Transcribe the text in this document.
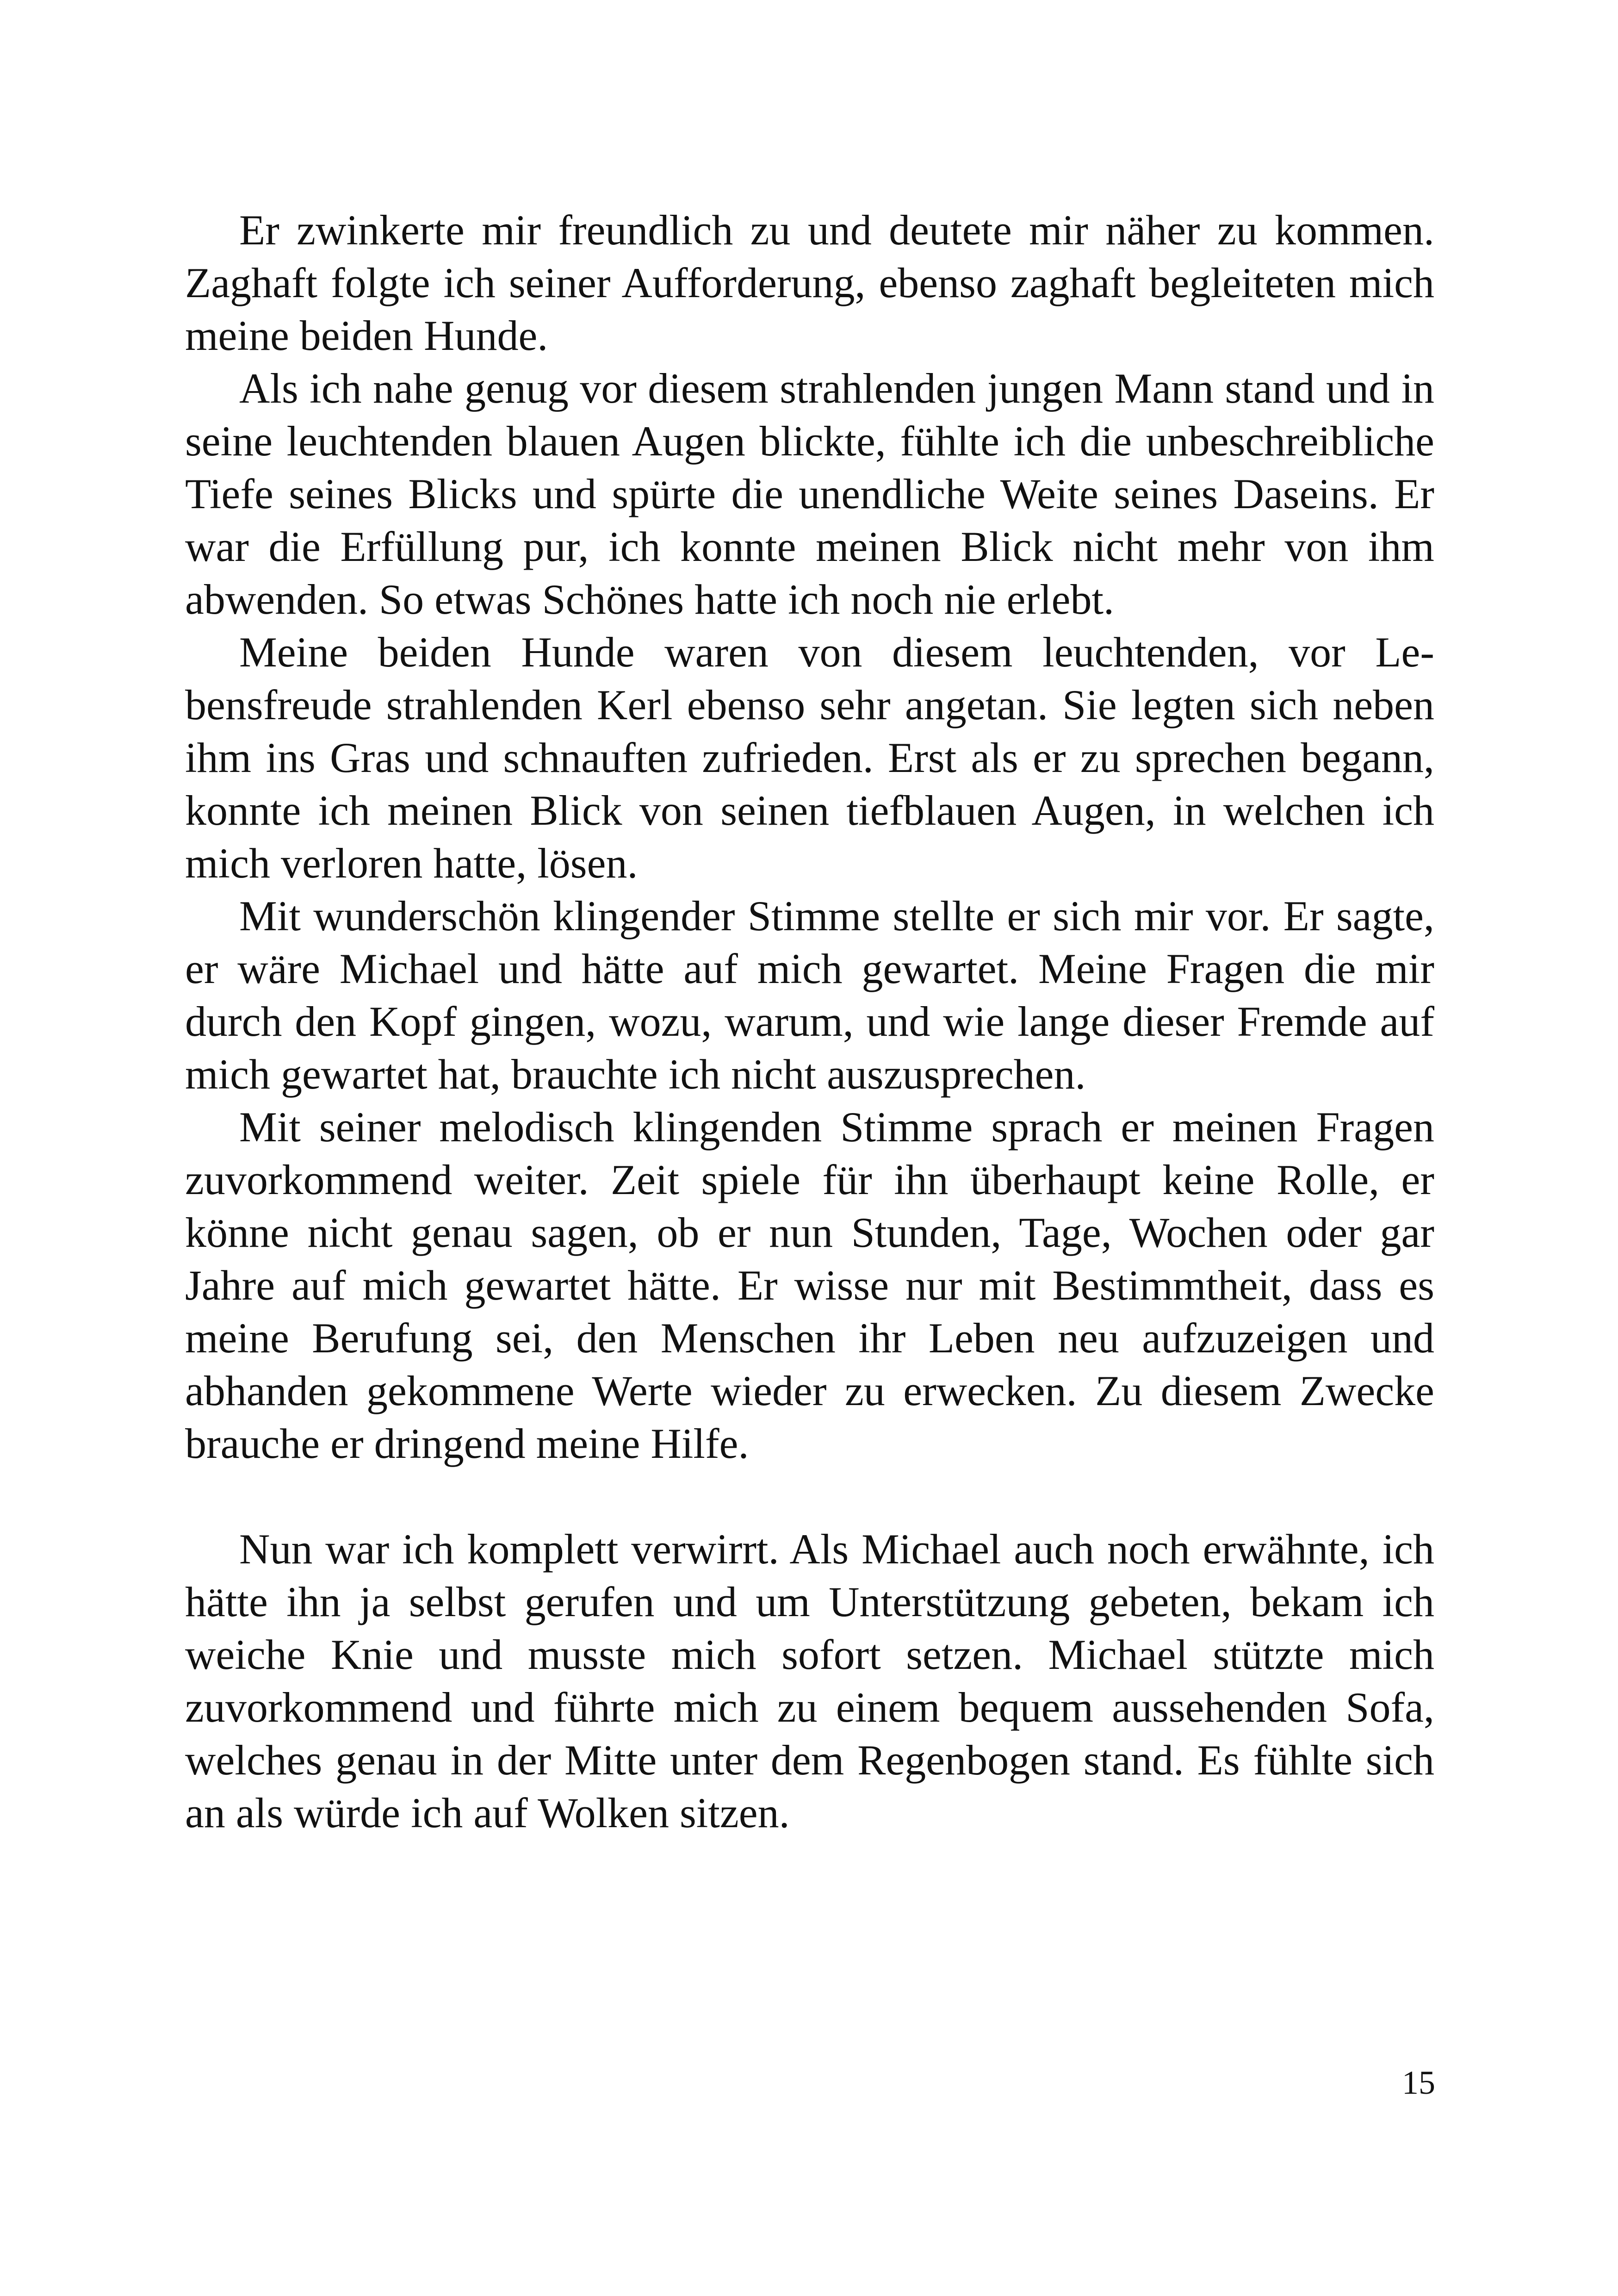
Er zwinkerte mir freundlich zu und deutete mir näher zu kommen. Zaghaft folgte ich seiner Aufforderung, ebenso zaghaft begleiteten mich meine beiden Hunde.

Als ich nahe genug vor diesem strahlenden jungen Mann stand und in seine leuchtenden blauen Augen blickte, fühlte ich die unbeschreibliche Tiefe seines Blicks und spürte die unendliche Weite seines Daseins. Er war die Erfüllung pur, ich konnte meinen Blick nicht mehr von ihm abwenden. So etwas Schönes hatte ich noch nie erlebt.

Meine beiden Hunde waren von diesem leuchtenden, vor Lebensfreude strahlenden Kerl ebenso sehr angetan. Sie legten sich neben ihm ins Gras und schnauften zufrieden. Erst als er zu sprechen begann, konnte ich meinen Blick von seinen tiefblauen Augen, in welchen ich mich verloren hatte, lösen.

Mit wunderschön klingender Stimme stellte er sich mir vor. Er sagte, er wäre Michael und hätte auf mich gewartet. Meine Fragen die mir durch den Kopf gingen, wozu, warum, und wie lange dieser Fremde auf mich gewartet hat, brauchte ich nicht auszusprechen.

Mit seiner melodisch klingenden Stimme sprach er meinen Fragen zuvorkommend weiter. Zeit spiele für ihn überhaupt keine Rolle, er könne nicht genau sagen, ob er nun Stunden, Tage, Wochen oder gar Jahre auf mich gewartet hätte. Er wisse nur mit Bestimmtheit, dass es meine Berufung sei, den Menschen ihr Leben neu aufzuzeigen und abhanden gekommene Werte wieder zu erwecken. Zu diesem Zwecke brauche er dringend meine Hilfe.

Nun war ich komplett verwirrt. Als Michael auch noch erwähnte, ich hätte ihn ja selbst gerufen und um Unterstützung gebeten, bekam ich weiche Knie und musste mich sofort setzen. Michael stützte mich zuvorkommend und führte mich zu einem bequem aussehenden Sofa, welches genau in der Mitte unter dem Regenbogen stand. Es fühlte sich an als würde ich auf Wolken sitzen.

15
